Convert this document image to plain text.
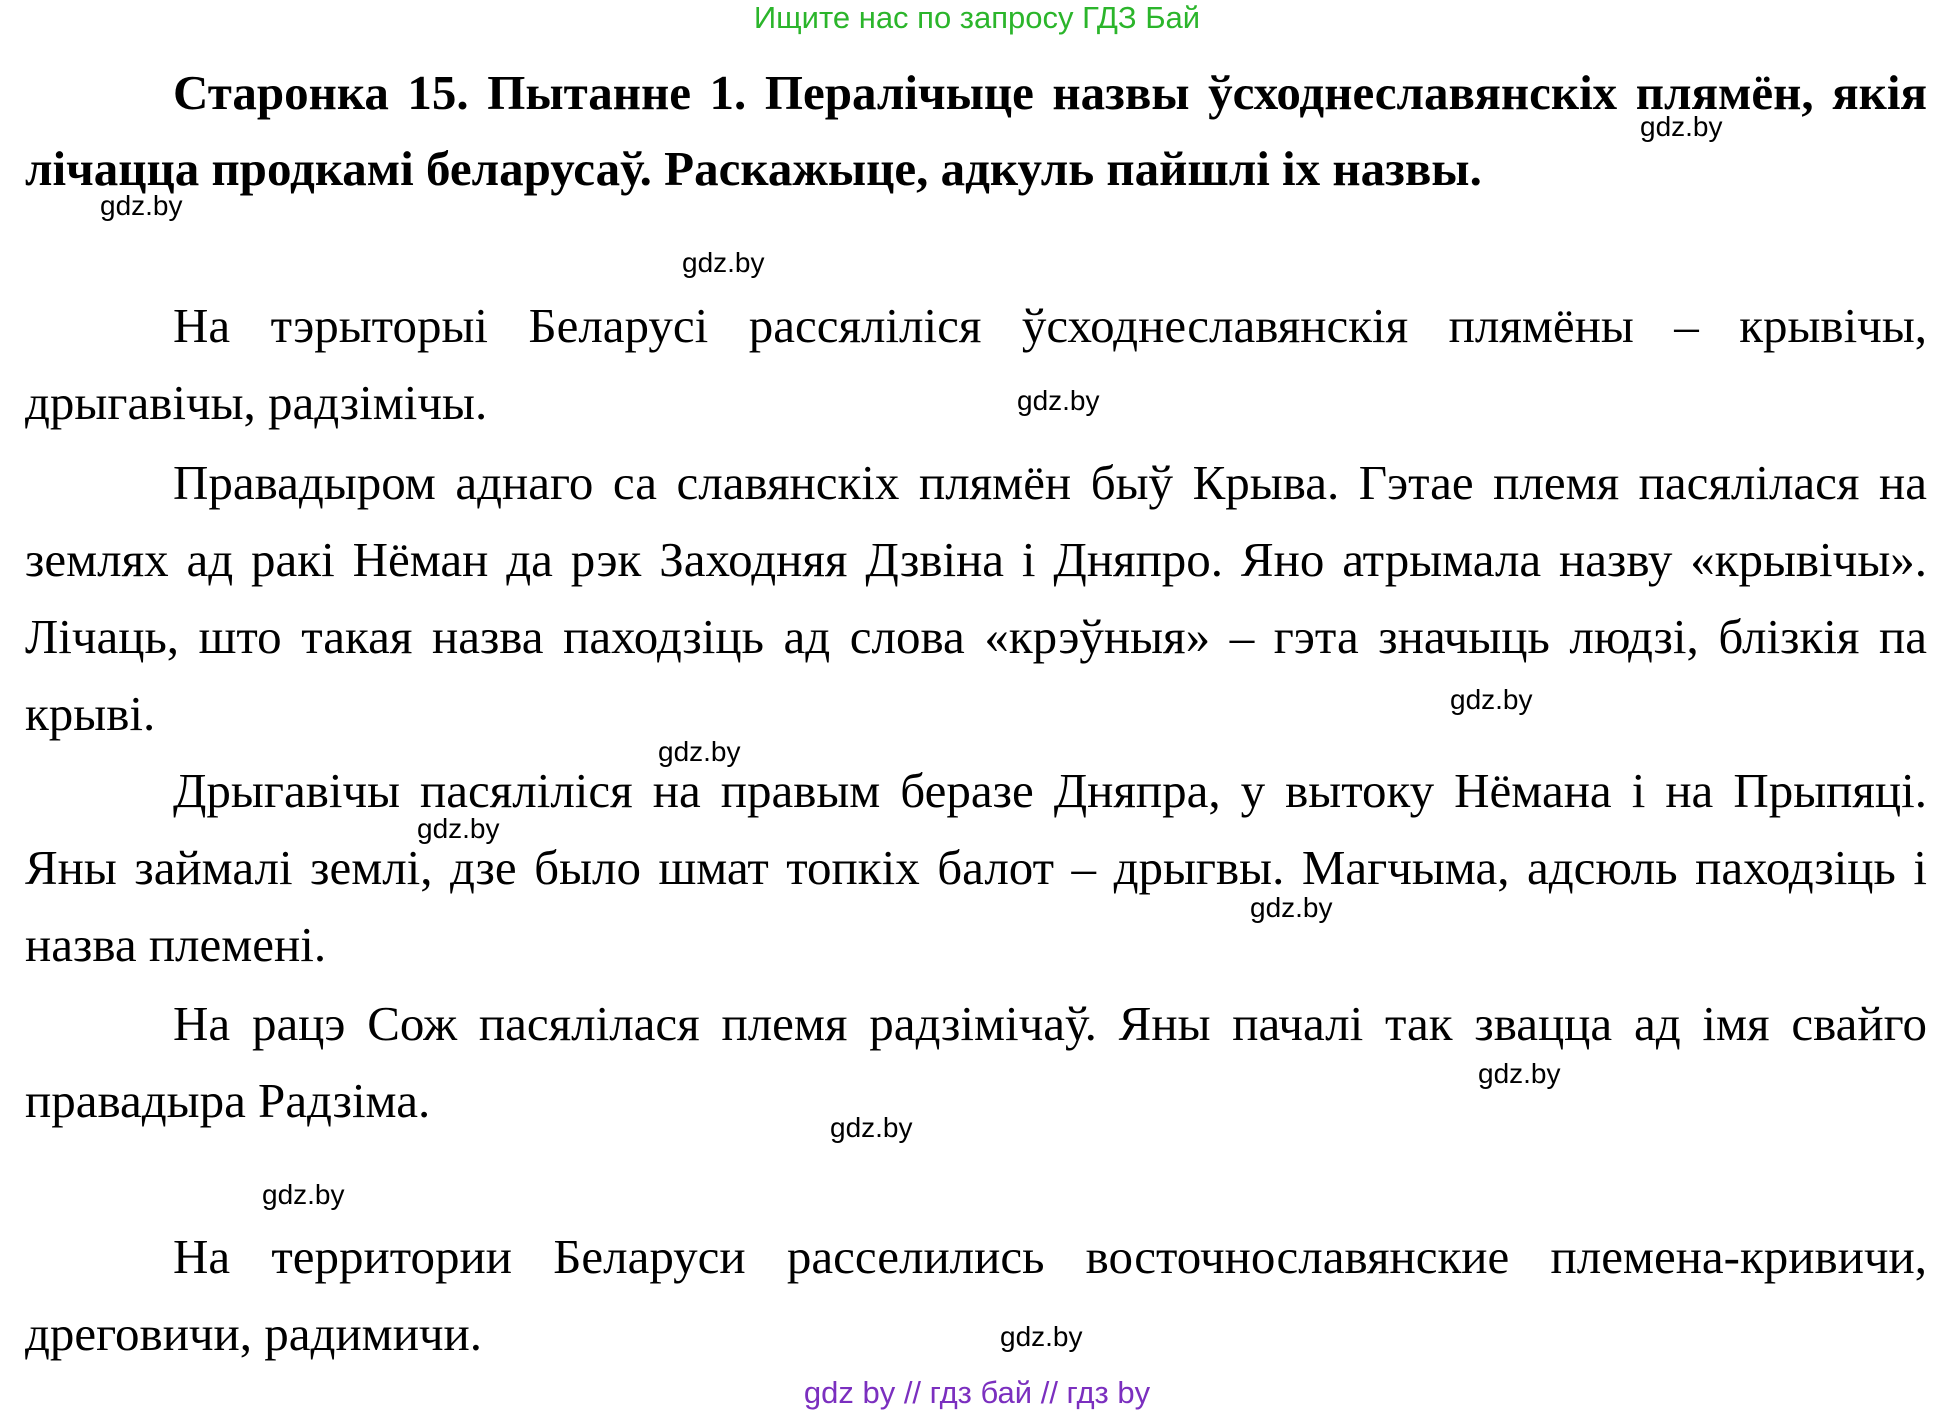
Ищите нас по запросу ГДЗ Бай

Старонка 15. Пытанне 1. Пералічыце назвы ўсходнеславянскіх плямён, якія лічацца продкамі беларусаў. Раскажыце, адкуль пайшлі іх назвы.

На тэрыторыі Беларусі рассяліліся ўсходнеславянскія плямёны – крывічы, дрыгавічы, радзімічы.

Правадыром аднаго са славянскіх плямён быў Крыва. Гэтае племя пасялілася на землях ад ракі Нёман да рэк Заходняя Дзвіна і Дняпро. Яно атрымала назву «крывічы». Лічаць, што такая назва паходзіць ад слова «крэўныя» – гэта значыць людзі, блізкія па крыві.

Дрыгавічы пасяліліся на правым беразе Дняпра, у вытоку Нёмана і на Прыпяці. Яны займалі землі, дзе было шмат топкіх балот – дрыгвы. Магчыма, адсюль паходзіць і назва племені.

На рацэ Сож пасялілася племя радзімічаў. Яны пачалі так звацца ад імя свайго правадыра Радзіма.

На территории Беларуси расселились восточнославянские племена-кривичи, дреговичи, радимичи.

gdz.by
gdz.by
gdz.by
gdz.by
gdz.by
gdz.by
gdz.by
gdz.by
gdz.by
gdz.by
gdz.by
gdz.by
gdz by // гдз бай // гдз by
